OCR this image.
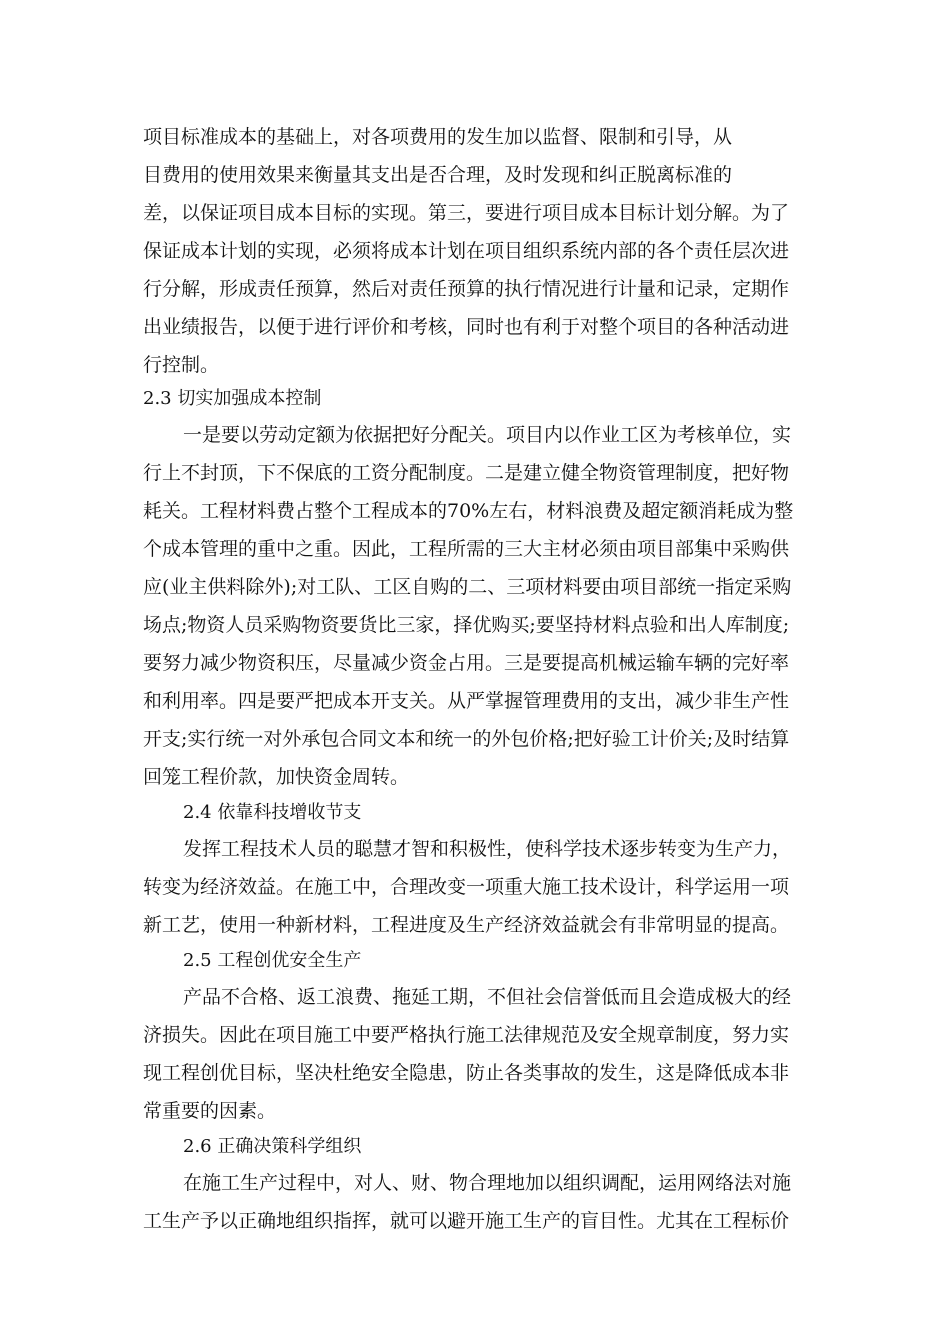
项目标准成本的基础上，对各项费用的发生加以监督、限制和引导，从
目费用的使用效果来衡量其支出是否合理，及时发现和纠正脱离标准的
差，以保证项目成本目标的实现。第三，要进行项目成本目标计划分解。为了
保证成本计划的实现，必须将成本计划在项目组织系统内部的各个责任层次进
行分解，形成责任预算，然后对责任预算的执行情况进行计量和记录，定期作
出业绩报告，以便于进行评价和考核，同时也有利于对整个项目的各种活动进
行控制。
2.3 切实加强成本控制
一是要以劳动定额为依据把好分配关。项目内以作业工区为考核单位，实
行上不封顶，下不保底的工资分配制度。二是建立健全物资管理制度，把好物
耗关。工程材料费占整个工程成本的70%左右，材料浪费及超定额消耗成为整
个成本管理的重中之重。因此，工程所需的三大主材必须由项目部集中采购供
应(业主供料除外);对工队、工区自购的二、三项材料要由项目部统一指定采购
场点;物资人员采购物资要货比三家，择优购买;要坚持材料点验和出人库制度;
要努力减少物资积压，尽量减少资金占用。三是要提高机械运输车辆的完好率
和利用率。四是要严把成本开支关。从严掌握管理费用的支出，减少非生产性
开支;实行统一对外承包合同文本和统一的外包价格;把好验工计价关;及时结算
回笼工程价款，加快资金周转。
2.4 依靠科技增收节支
发挥工程技术人员的聪慧才智和积极性，使科学技术逐步转变为生产力，
转变为经济效益。在施工中，合理改变一项重大施工技术设计，科学运用一项
新工艺，使用一种新材料，工程进度及生产经济效益就会有非常明显的提高。
2.5 工程创优安全生产
产品不合格、返工浪费、拖延工期，不但社会信誉低而且会造成极大的经
济损失。因此在项目施工中要严格执行施工法律规范及安全规章制度，努力实
现工程创优目标，坚决杜绝安全隐患，防止各类事故的发生，这是降低成本非
常重要的因素。
2.6 正确决策科学组织
在施工生产过程中，对人、财、物合理地加以组织调配，运用网络法对施
工生产予以正确地组织指挥，就可以避开施工生产的盲目性。尤其在工程标价
